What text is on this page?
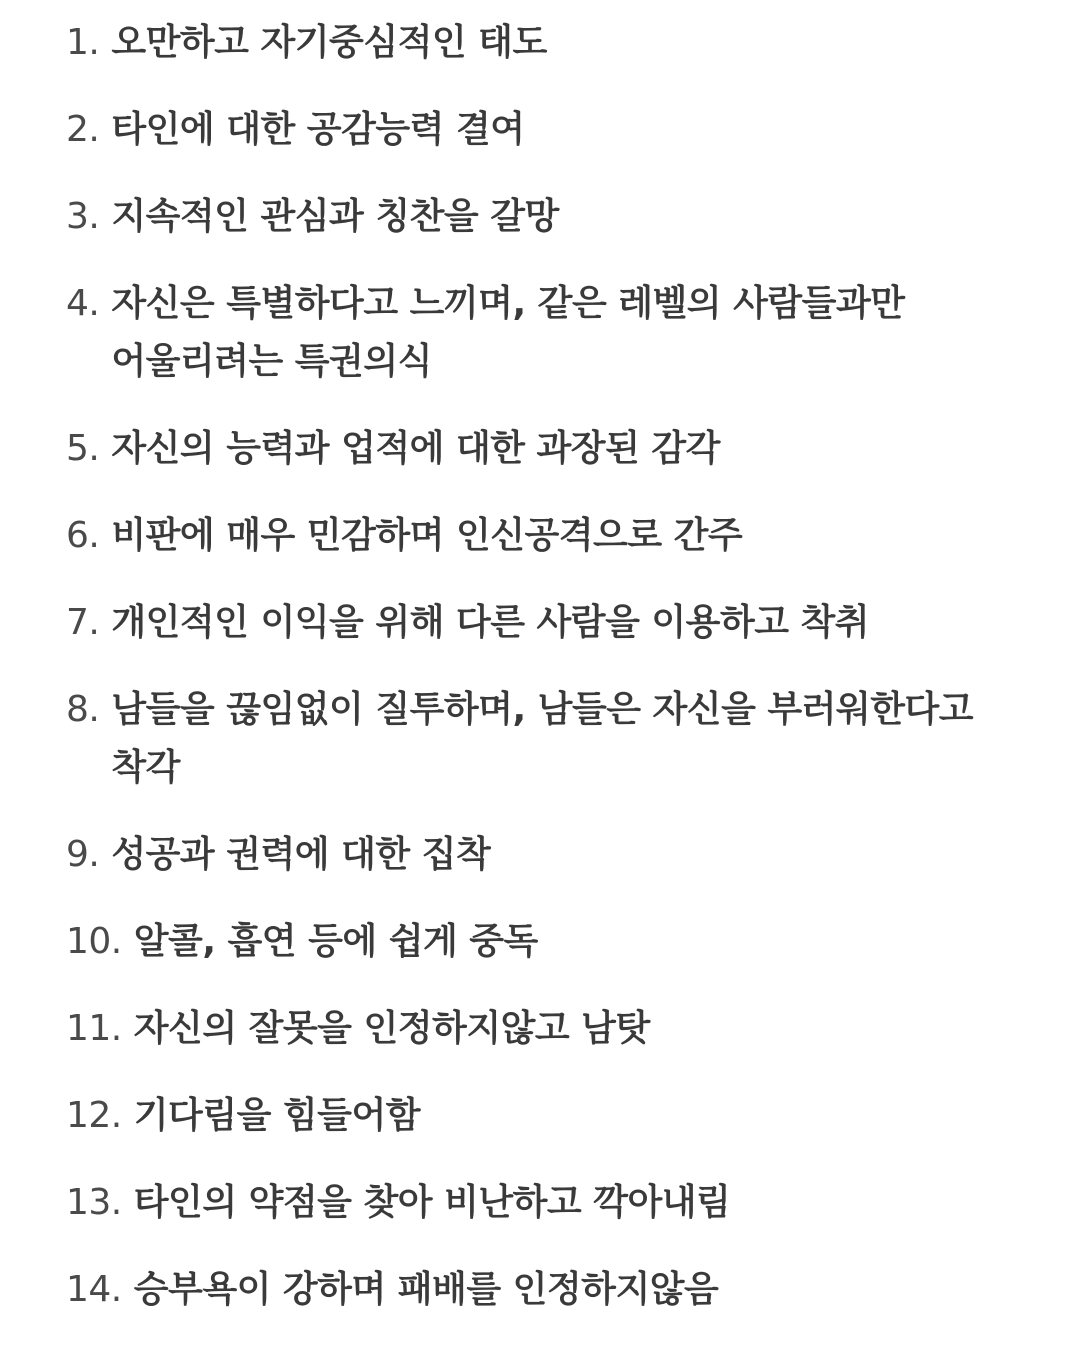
1. 오만하고 자기중심적인 태도
2. 타인에 대한 공감능력 결여
3. 지속적인 관심과 칭찬을 갈망
4. 자신은 특별하다고 느끼며, 같은 레벨의 사람들과만 어울리려는 특권의식
5. 자신의 능력과 업적에 대한 과장된 감각
6. 비판에 매우 민감하며 인신공격으로 간주
7. 개인적인 이익을 위해 다른 사람을 이용하고 착취
8. 남들을 끊임없이 질투하며, 남들은 자신을 부러워한다고 착각
9. 성공과 권력에 대한 집착
10. 알콜, 흡연 등에 쉽게 중독
11. 자신의 잘못을 인정하지않고 남탓
12. 기다림을 힘들어함
13. 타인의 약점을 찾아 비난하고 깍아내림
14. 승부욕이 강하며 패배를 인정하지않음
